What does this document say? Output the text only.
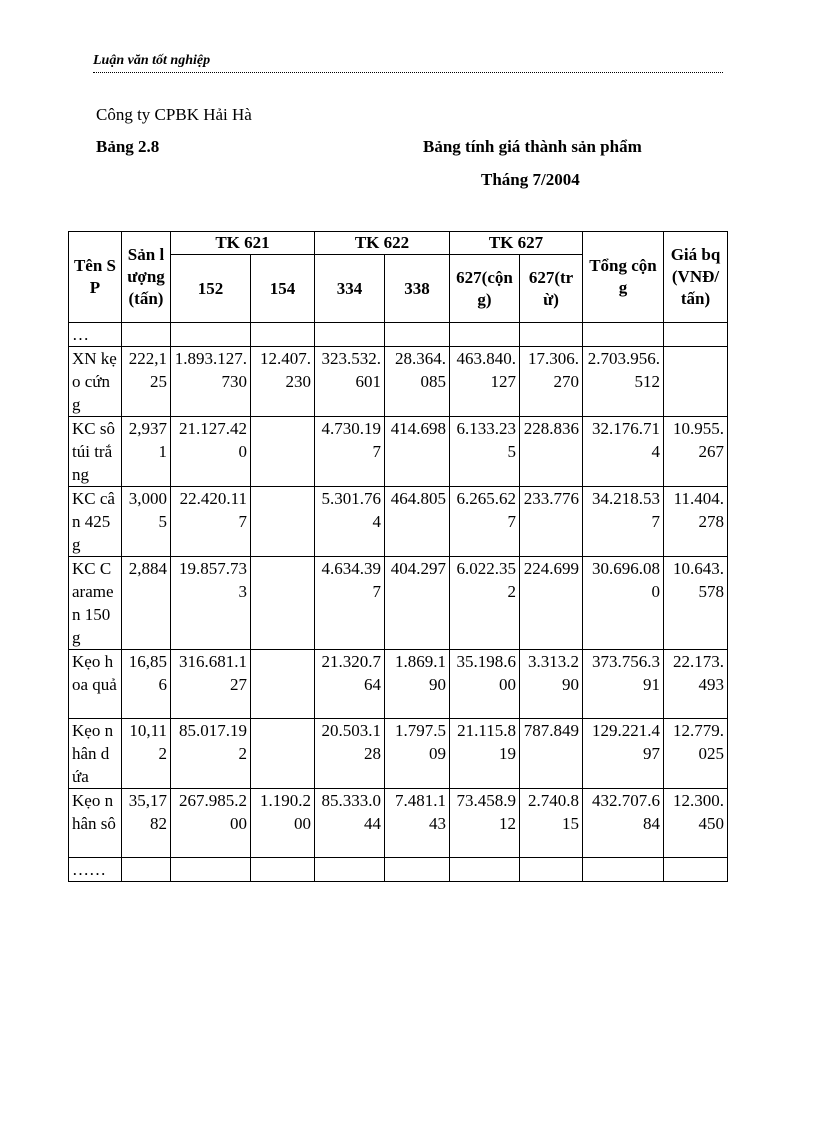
Luận văn tốt nghiệp
Công ty CPBK Hải Hà
Bảng 2.8	Bảng tính giá thành sản phẩm
Tháng 7/2004
Tên SP	Sản lượng (tấn)	TK 621		TK 622		TK 627		Tổng cộng	Giá bq (VNĐ/ tấn)
		152	154	334	338	627(cộng)	627(trừ)		
…									
XN kẹo cứng	222,125	1.893.127.730	12.407.230	323.532.601	28.364.085	463.840.127	17.306.270	2.703.956.512	
KC sô túi trắng	2,9371	21.127.420		4.730.197	414.698	6.133.235	228.836	32.176.714	10.955.267
KC cân 425g	3,0005	22.420.117		5.301.764	464.805	6.265.627	233.776	34.218.537	11.404.278
KC Caramen 150g	2,884	19.857.733		4.634.397	404.297	6.022.352	224.699	30.696.080	10.643.578
Kẹo hoa quả	16,856	316.681.127		21.320.764	1.869.190	35.198.600	3.313.290	373.756.391	22.173.493
Kẹo nhân dứa	10,112	85.017.192		20.503.128	1.797.509	21.115.819	787.849	129.221.497	12.779.025
Kẹo nhân sô	35,1782	267.985.200	1.190.200	85.333.044	7.481.143	73.458.912	2.740.815	432.707.684	12.300.450
……									
